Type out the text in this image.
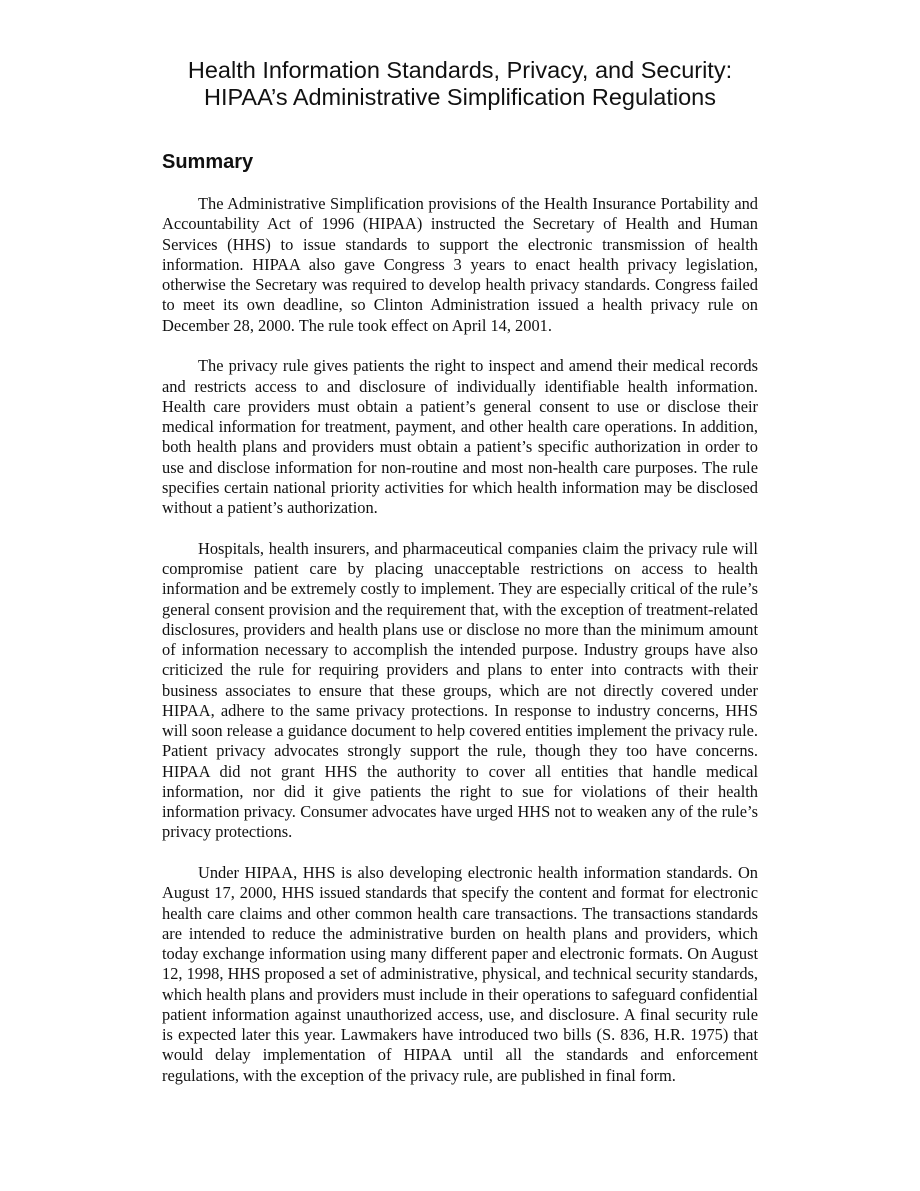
Health Information Standards, Privacy, and Security:
HIPAA’s Administrative Simplification Regulations
Summary

The Administrative Simplification provisions of the Health Insurance Portability and Accountability Act of 1996 (HIPAA) instructed the Secretary of Health and Human Services (HHS) to issue standards to support the electronic transmission of health information. HIPAA also gave Congress 3 years to enact health privacy legislation, otherwise the Secretary was required to develop health privacy standards. Congress failed to meet its own deadline, so Clinton Administration issued a health privacy rule on December 28, 2000. The rule took effect on April 14, 2001.

The privacy rule gives patients the right to inspect and amend their medical records and restricts access to and disclosure of individually identifiable health information. Health care providers must obtain a patient’s general consent to use or disclose their medical information for treatment, payment, and other health care operations. In addition, both health plans and providers must obtain a patient’s specific authorization in order to use and disclose information for non-routine and most non-health care purposes. The rule specifies certain national priority activities for which health information may be disclosed without a patient’s authorization.

Hospitals, health insurers, and pharmaceutical companies claim the privacy rule will compromise patient care by placing unacceptable restrictions on access to health information and be extremely costly to implement. They are especially critical of the rule’s general consent provision and the requirement that, with the exception of treatment-related disclosures, providers and health plans use or disclose no more than the minimum amount of information necessary to accomplish the intended purpose. Industry groups have also criticized the rule for requiring providers and plans to enter into contracts with their business associates to ensure that these groups, which are not directly covered under HIPAA, adhere to the same privacy protections. In response to industry concerns, HHS will soon release a guidance document to help covered entities implement the privacy rule. Patient privacy advocates strongly support the rule, though they too have concerns. HIPAA did not grant HHS the authority to cover all entities that handle medical information, nor did it give patients the right to sue for violations of their health information privacy. Consumer advocates have urged HHS not to weaken any of the rule’s privacy protections.

Under HIPAA, HHS is also developing electronic health information standards. On August 17, 2000, HHS issued standards that specify the content and format for electronic health care claims and other common health care transactions. The transactions standards are intended to reduce the administrative burden on health plans and providers, which today exchange information using many different paper and electronic formats. On August 12, 1998, HHS proposed a set of administrative, physical, and technical security standards, which health plans and providers must include in their operations to safeguard confidential patient information against unauthorized access, use, and disclosure. A final security rule is expected later this year. Lawmakers have introduced two bills (S. 836, H.R. 1975) that would delay implementation of HIPAA until all the standards and enforcement regulations, with the exception of the privacy rule, are published in final form.
